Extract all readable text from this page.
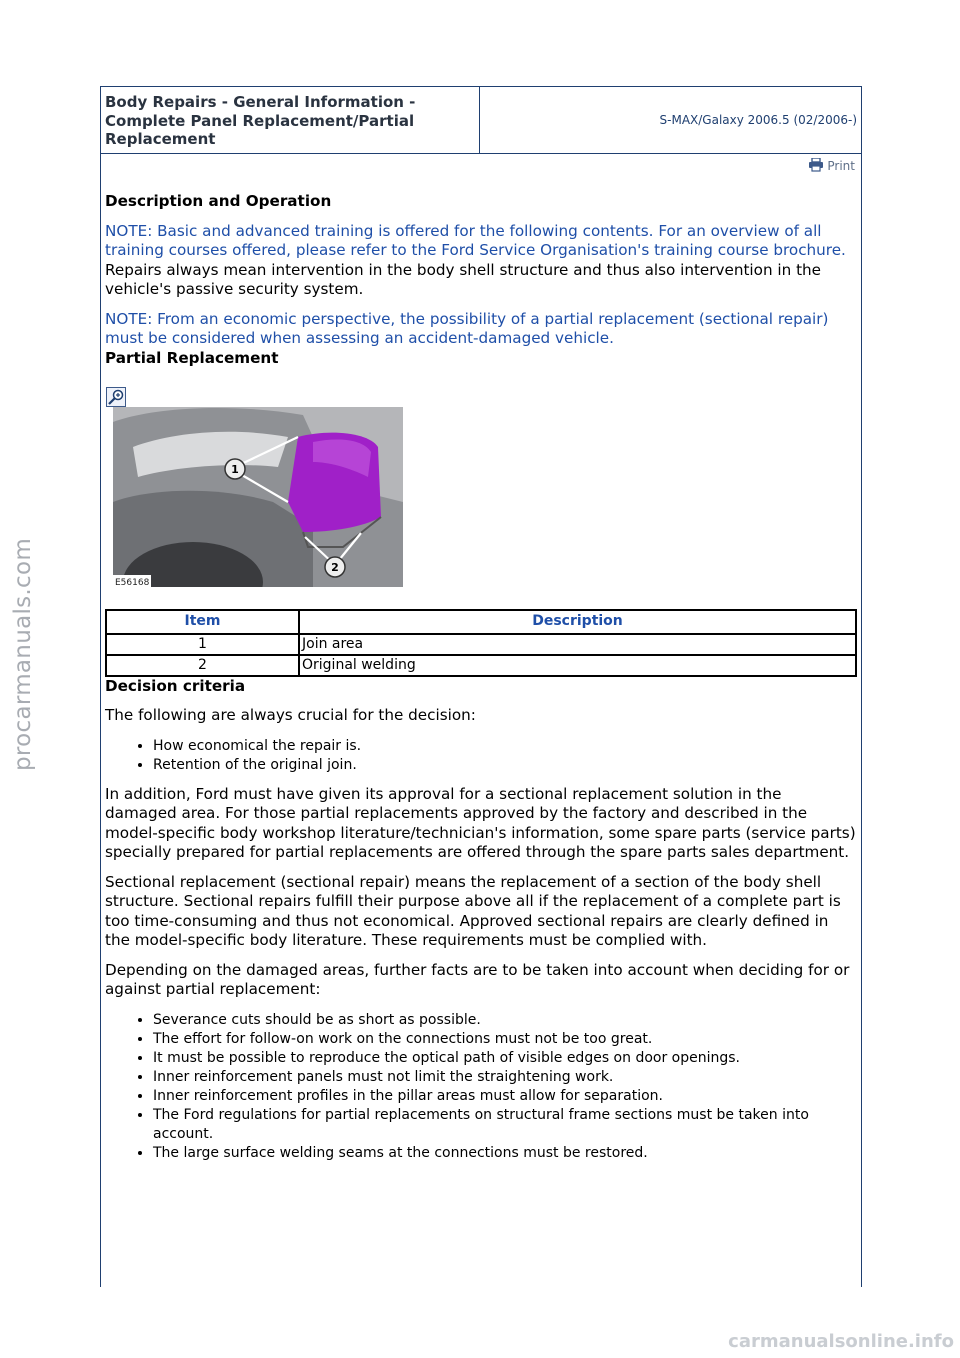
Body Repairs - General Information - Complete Panel Replacement/Partial Replacement
S-MAX/Galaxy 2006.5 (02/2006-)
Print
Description and Operation

NOTE: Basic and advanced training is offered for the following contents. For an overview of all training courses offered, please refer to the Ford Service Organisation's training course brochure.

Repairs always mean intervention in the body shell structure and thus also intervention in the vehicle's passive security system.

NOTE: From an economic perspective, the possibility of a partial replacement (sectional repair) must be considered when assessing an accident-damaged vehicle.

Partial Replacement
1
2
E56168
Item	Description
1	Join area
2	Original welding
Decision criteria

The following are always crucial for the decision:

• How economical the repair is.
• Retention of the original join.

In addition, Ford must have given its approval for a sectional replacement solution in the damaged area. For those partial replacements approved by the factory and described in the model-specific body workshop literature/technician's information, some spare parts (service parts) specially prepared for partial replacements are offered through the spare parts sales department.

Sectional replacement (sectional repair) means the replacement of a section of the body shell structure. Sectional repairs fulfill their purpose above all if the replacement of a complete part is too time-consuming and thus not economical. Approved sectional repairs are clearly defined in the model-specific body literature. These requirements must be complied with.

Depending on the damaged areas, further facts are to be taken into account when deciding for or against partial replacement:

• Severance cuts should be as short as possible.
• The effort for follow-on work on the connections must not be too great.
• It must be possible to reproduce the optical path of visible edges on door openings.
• Inner reinforcement panels must not limit the straightening work.
• Inner reinforcement profiles in the pillar areas must allow for separation.
• The Ford regulations for partial replacements on structural frame sections must be taken into account.
• The large surface welding seams at the connections must be restored.
procarmanuals.com
carmanualsonline.info
